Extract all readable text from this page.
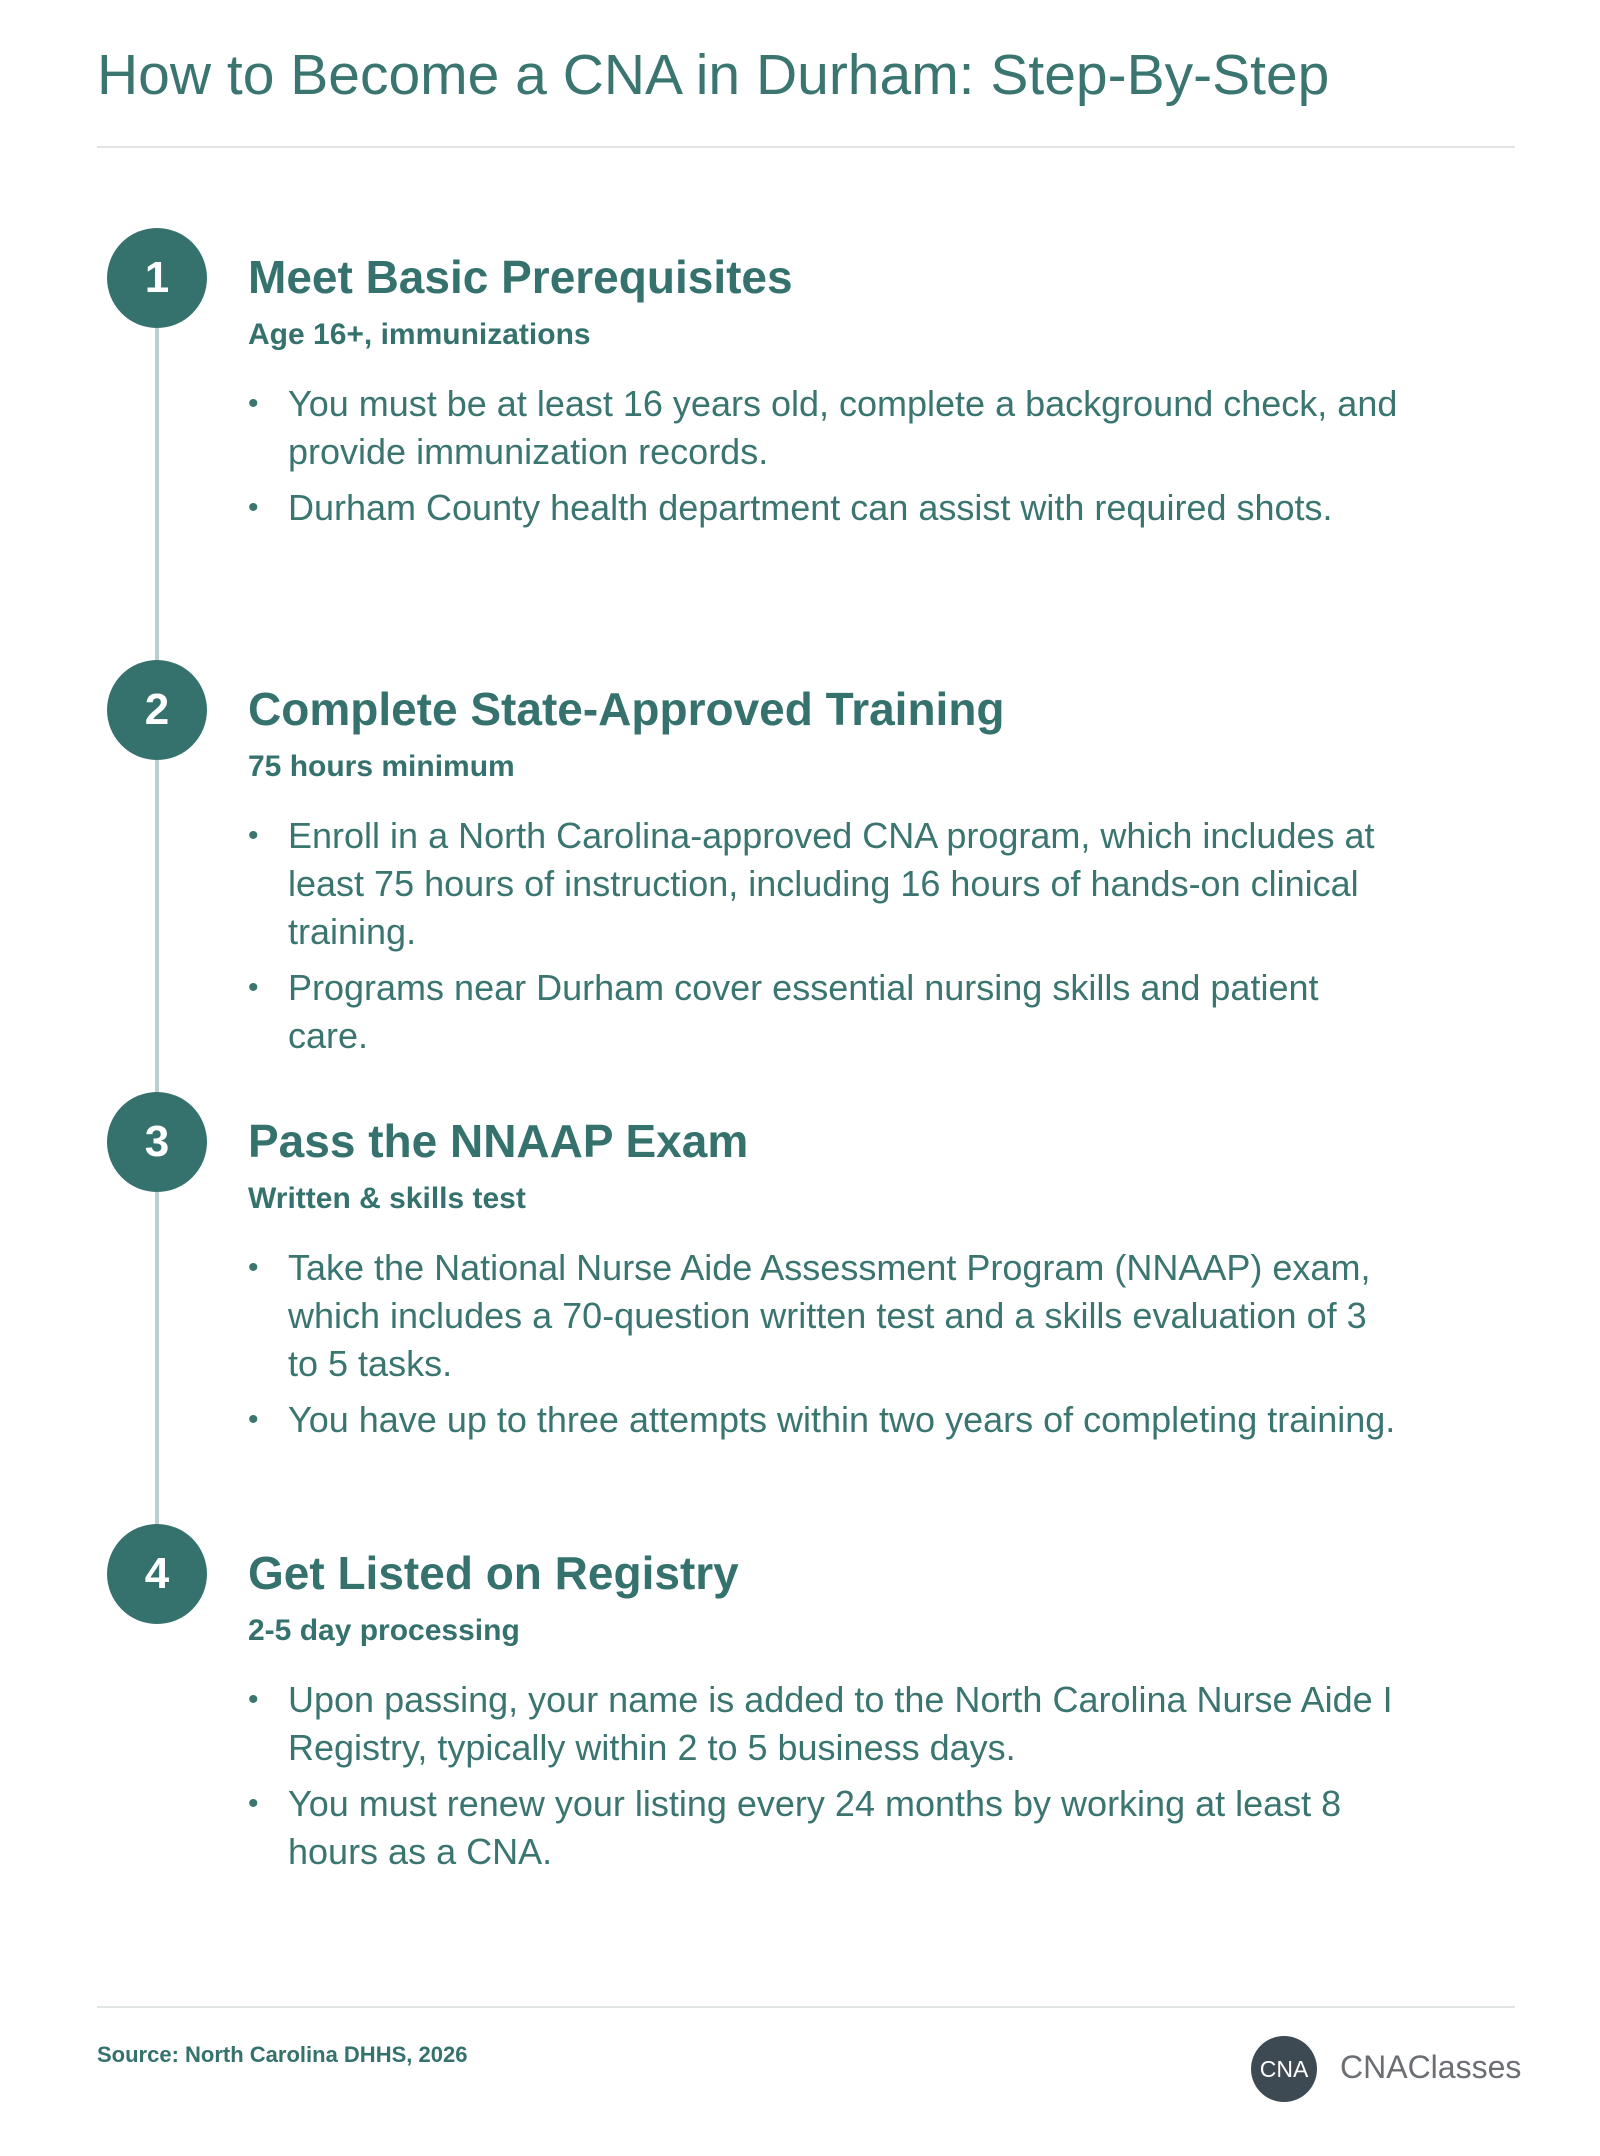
How to Become a CNA in Durham: Step-By-Step
1	Meet Basic Prerequisites
Age 16+, immunizations
• You must be at least 16 years old, complete a background check, and provide immunization records.
• Durham County health department can assist with required shots.
2	Complete State-Approved Training
75 hours minimum
• Enroll in a North Carolina-approved CNA program, which includes at least 75 hours of instruction, including 16 hours of hands-on clinical training.
• Programs near Durham cover essential nursing skills and patient care.
3	Pass the NNAAP Exam
Written & skills test
• Take the National Nurse Aide Assessment Program (NNAAP) exam, which includes a 70-question written test and a skills evaluation of 3 to 5 tasks.
• You have up to three attempts within two years of completing training.
4	Get Listed on Registry
2-5 day processing
• Upon passing, your name is added to the North Carolina Nurse Aide I Registry, typically within 2 to 5 business days.
• You must renew your listing every 24 months by working at least 8 hours as a CNA.
Source: North Carolina DHHS, 2026
CNA CNAClasses
